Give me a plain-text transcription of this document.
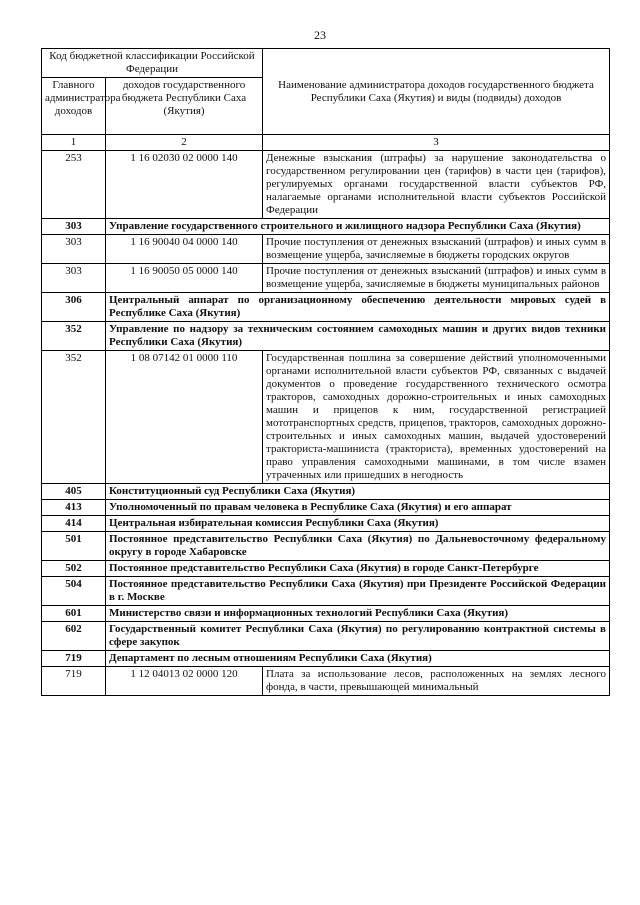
23
Код бюджетной классификации Российской Федерации		Наименование администратора доходов государственного бюджета Республики Саха (Якутия) и виды (подвиды) доходов
Главного администратора доходов	доходов государственного бюджета Республики Саха (Якутия)	
1	2	3
253	1 16 02030 02 0000 140	Денежные взыскания (штрафы) за нарушение законодательства о государственном регулировании цен (тарифов) в части цен (тарифов), регулируемых органами государственной власти субъектов РФ, налагаемые органами исполнительной власти субъектов Российской Федерации
303	Управление государственного строительного и жилищного надзора Республики Саха (Якутия)	
303	1 16 90040 04 0000 140	Прочие поступления от денежных взысканий (штрафов) и иных сумм в возмещение ущерба, зачисляемые в бюджеты городских округов
303	1 16 90050 05 0000 140	Прочие поступления от денежных взысканий (штрафов) и иных сумм в возмещение ущерба, зачисляемые в бюджеты муниципальных районов
306	Центральный аппарат по организационному обеспечению деятельности мировых судей в Республике Саха (Якутия)	
352	Управление по надзору за техническим состоянием самоходных машин и других видов техники Республики Саха (Якутия)	
352	1 08 07142 01 0000 110	Государственная пошлина за совершение действий уполномоченными органами исполнительной власти субъектов РФ, связанных с выдачей документов о проведение государственного технического осмотра тракторов, самоходных дорожно-строительных и иных самоходных машин и прицепов к ним, государственной регистрацией мототранспортных средств, прицепов, тракторов, самоходных дорожно-строительных и иных самоходных машин, выдачей удостоверений тракториста-машиниста (тракториста), временных удостоверений на право управления самоходными машинами, в том числе взамен утраченных или пришедших в негодность
405	Конституционный суд Республики Саха (Якутия)	
413	Уполномоченный по правам человека в Республике Саха (Якутия) и его аппарат	
414	Центральная избирательная комиссия Республики Саха (Якутия)	
501	Постоянное представительство Республики Саха (Якутия) по Дальневосточному федеральному округу в городе Хабаровске	
502	Постоянное представительство Республики Саха (Якутия) в городе Санкт-Петербурге	
504	Постоянное представительство Республики Саха (Якутия) при Президенте Российской Федерации в г. Москве	
601	Министерство связи и информационных технологий Республики Саха (Якутия)	
602	Государственный комитет Республики Саха (Якутия) по регулированию контрактной системы в сфере закупок	
719	Департамент по лесным отношениям Республики Саха (Якутия)	
719	1 12 04013 02 0000 120	Плата за использование лесов, расположенных на землях лесного фонда, в части, превышающей минимальный
